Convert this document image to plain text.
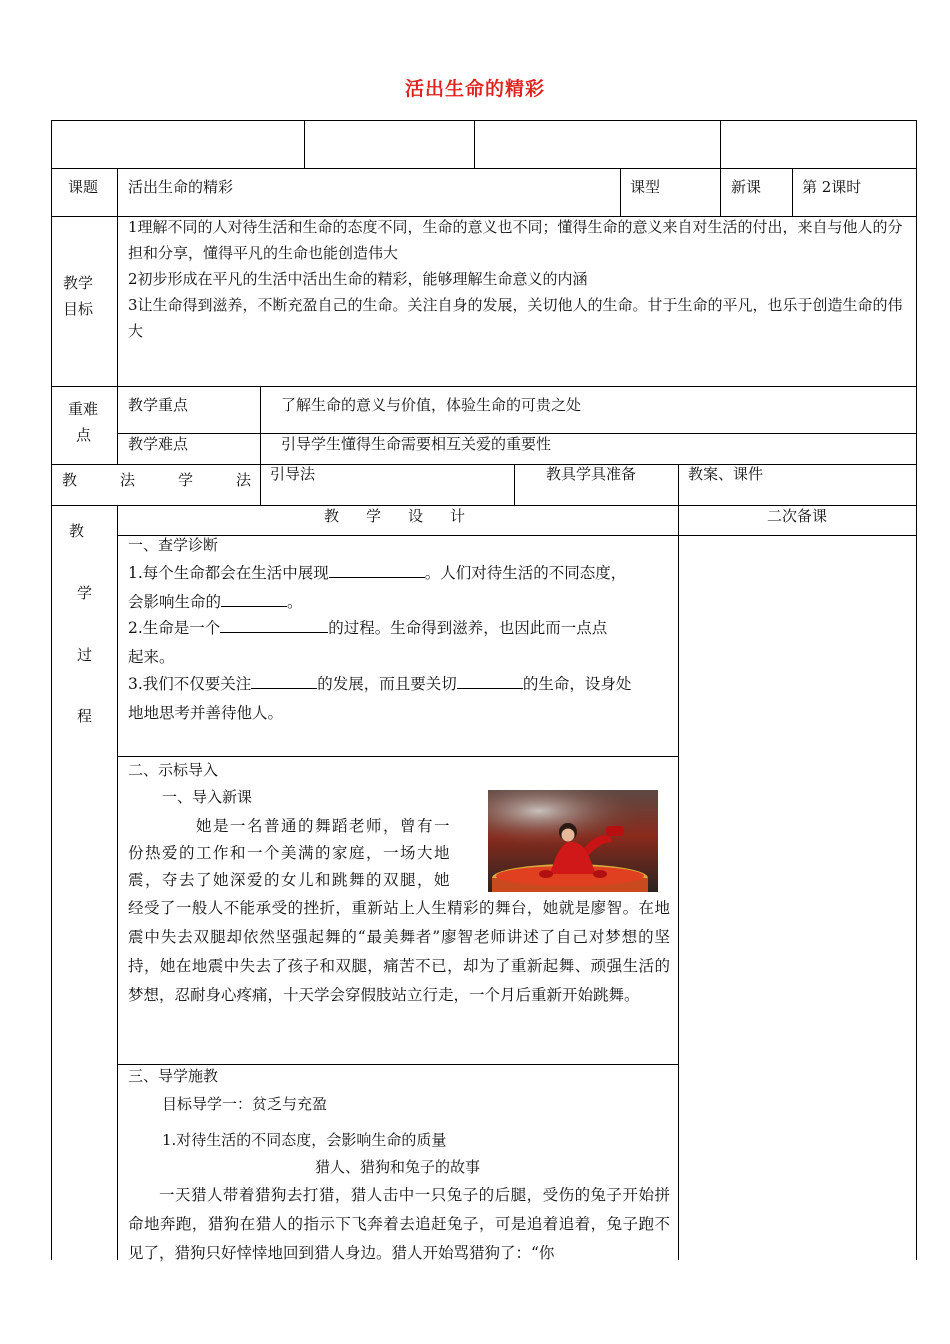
活出生命的精彩
课题 活出生命的精彩	课型	新课	第 2课时
教学
目标
1理解不同的人对待生活和生命的态度不同，生命的意义也不同；懂得生命的意义来自对生活的付出，来自与他人的分担和分享，懂得平凡的生命也能创造伟大
2初步形成在平凡的生活中活出生命的精彩，能够理解生命意义的内涵
3让生命得到滋养，不断充盈自己的生命。关注自身的发展，关切他人的生命。甘于生命的平凡，也乐于创造生命的伟大
重难
点
教学重点	了解生命的意义与价值，体验生命的可贵之处
教学难点	引导学生懂得生命需要相互关爱的重要性
教	法	学	法 引导法	教具学具准备	教案、课件
教
学
过
程
教　学　设　计	二次备课
一、查学诊断
1.每个生命都会在生活中展现	。人们对待生活的不同态度，
会影响生命的	。
2.生命是一个	的过程。生命得到滋养，也因此而一点点
起来。
3.我们不仅要关注	的发展，而且要关切	的生命，设身处
地地思考并善待他人。
二、示标导入
一、导入新课
她是一名普通的舞蹈老师，曾有一
份热爱的工作和一个美满的家庭，一场大地
震，夺去了她深爱的女儿和跳舞的双腿，她
经受了一般人不能承受的挫折，重新站上人生精彩的舞台，她就是廖智。在地震中失去双腿却依然坚强起舞的“最美舞者”廖智老师讲述了自己对梦想的坚持，她在地震中失去了孩子和双腿，痛苦不已，却为了重新起舞、顽强生活的梦想，忍耐身心疼痛，十天学会穿假肢站立行走，一个月后重新开始跳舞。
三、导学施教
目标导学一：贫乏与充盈
1.对待生活的不同态度，会影响生命的质量
猎人、猎狗和兔子的故事
一天猎人带着猎狗去打猎，猎人击中一只兔子的后腿，受伤的兔子开始拼命地奔跑，猎狗在猎人的指示下飞奔着去追赶兔子，可是追着追着，兔子跑不见了，猎狗只好悻悻地回到猎人身边。猎人开始骂猎狗了：“你
